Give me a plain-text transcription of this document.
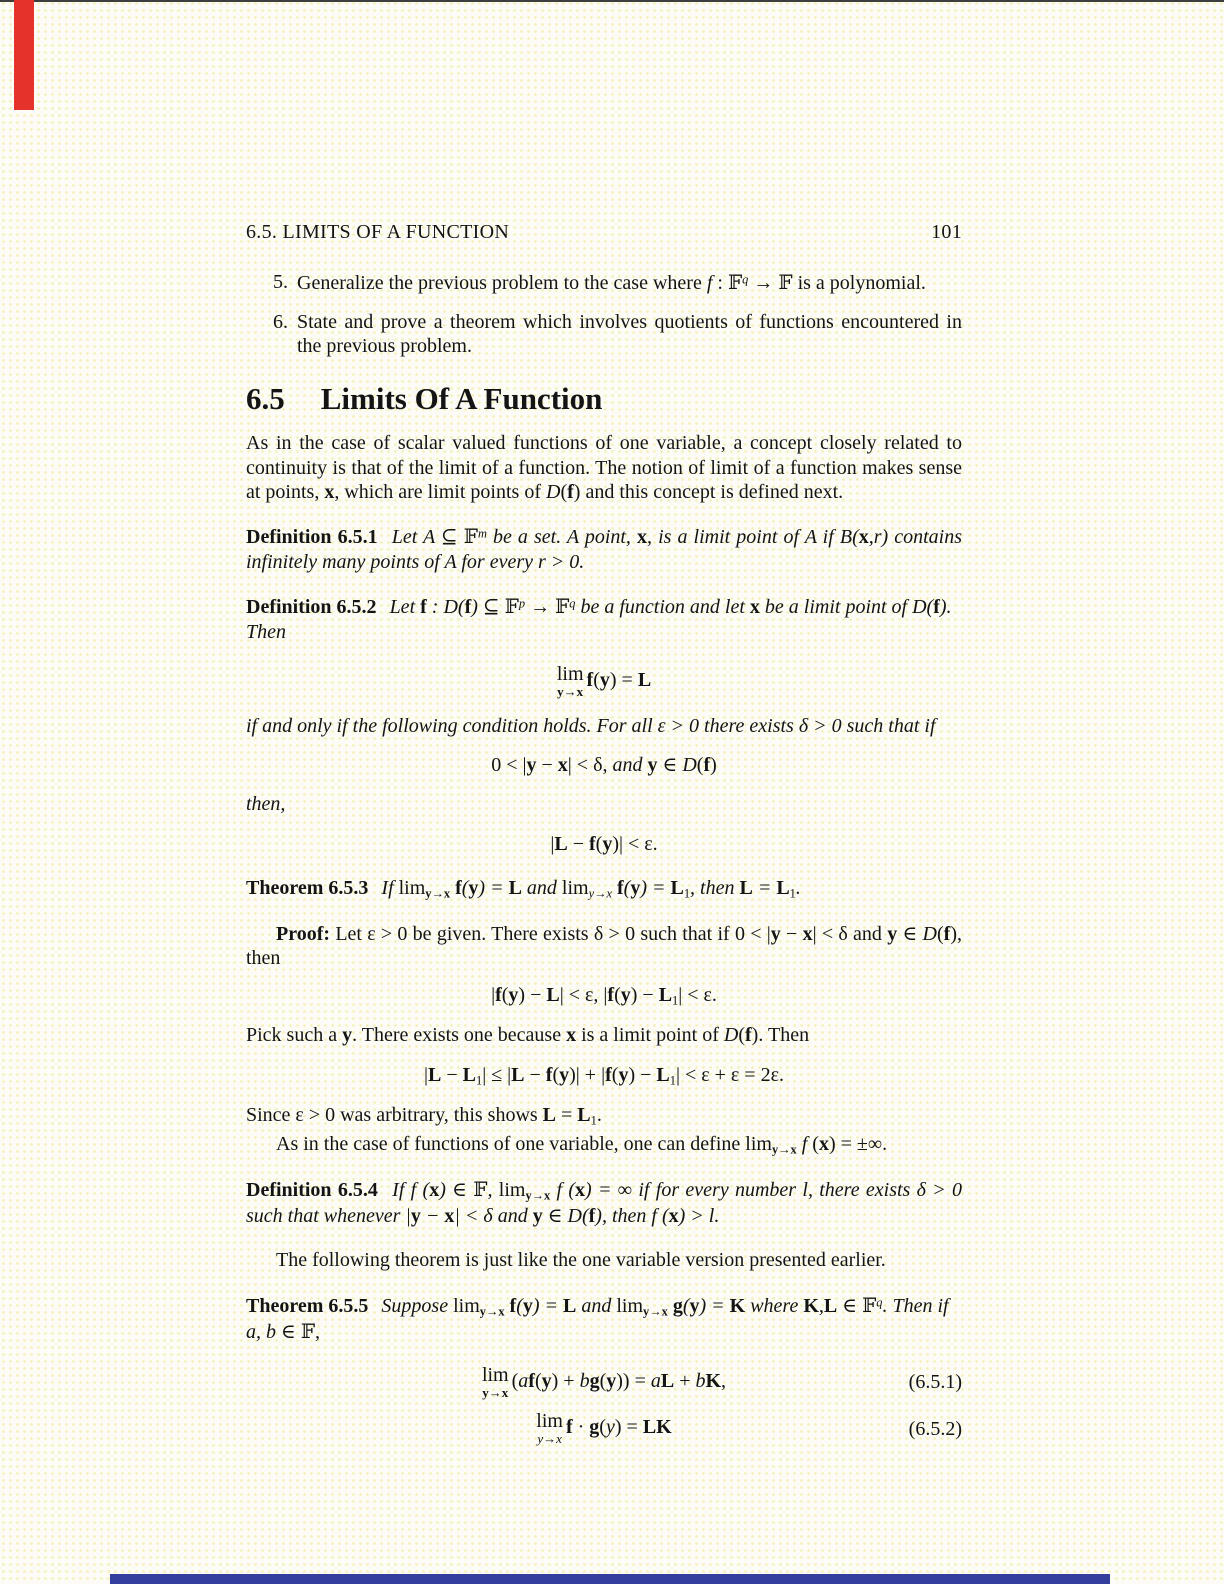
6.5. LIMITS OF A FUNCTION	101
5. Generalize the previous problem to the case where f : 𝔽$^q$ → 𝔽 is a polynomial.
6. State and prove a theorem which involves quotients of functions encountered in the previous problem.
6.5 Limits Of A Function
As in the case of scalar valued functions of one variable, a concept closely related to continuity is that of the limit of a function. The notion of limit of a function makes sense at points, x, which are limit points of D(f) and this concept is defined next.
Definition 6.5.1 Let A ⊆ 𝔽$^m$ be a set. A point, x, is a limit point of A if B(x,r) contains infinitely many points of A for every r > 0.
Definition 6.5.2 Let f : D(f) ⊆ 𝔽$^p$ → 𝔽$^q$ be a function and let x be a limit point of D(f).
Then
lim
y→x
f(y) = L
if and only if the following condition holds. For all ε > 0 there exists δ > 0 such that if
0 < |y − x| < δ, and y ∈ D(f)
then,
|L − f(y)| < ε.
Theorem 6.5.3 If $\lim_{y\to x} f(y) = L$ and $\lim_{y\to x} f(y) = L_1$, then $L = L_1$.
Proof: Let ε > 0 be given. There exists δ > 0 such that if 0 < |y − x| < δ and y ∈ D(f), then
|f(y) − L| < ε, $|f(y) - L_1| < \varepsilon$.
Pick such a y. There exists one because x is a limit point of D(f). Then
$|L - L_1| \le |L - f(y)| + |f(y) - L_1| < \varepsilon + \varepsilon = 2\varepsilon$.
Since ε > 0 was arbitrary, this shows $L = L_1$.
As in the case of functions of one variable, one can define $\lim_{y\to x} f$ (x) = ±∞.
Definition 6.5.4 If f (x) ∈ 𝔽, $\lim_{y\to x} f$ (x) = ∞ if for every number l, there exists δ > 0 such that whenever |y − x| < δ and y ∈ D(f), then f (x) > l.
The following theorem is just like the one variable version presented earlier.
Theorem 6.5.5 Suppose $\lim_{y\to x} f(y) = L$ and $\lim_{y\to x} g(y) = K$ where K,L ∈ 𝔽$^q$. Then if
a, b ∈ 𝔽,
lim
y→x
(af(y) + bg(y)) = aL + bK,	(6.5.1)
lim
y→x
f · g(y) = LK	(6.5.2)
